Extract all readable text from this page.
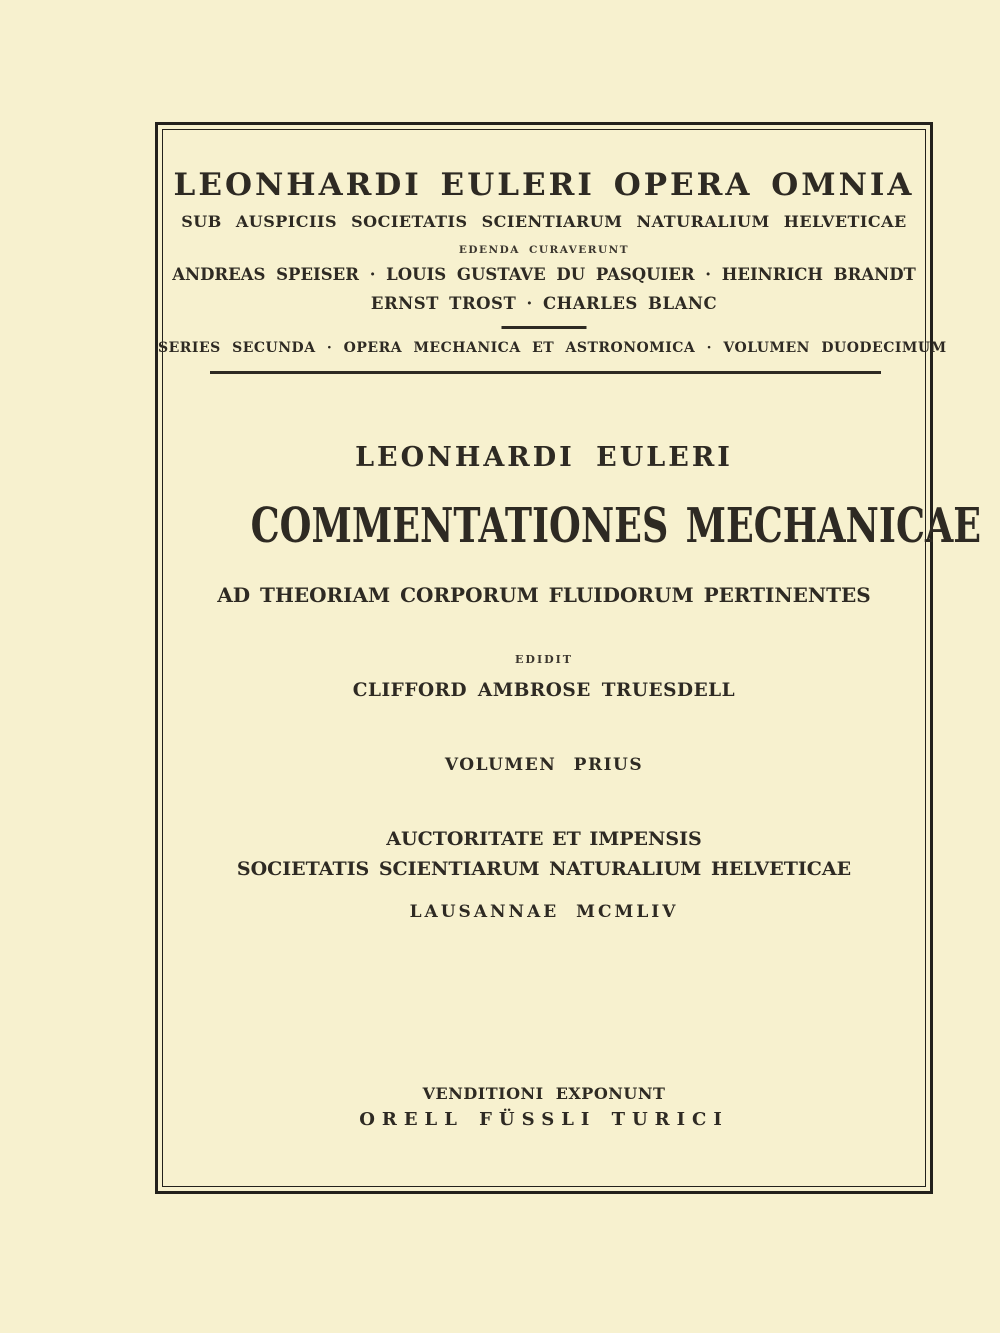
LEONHARDI EULERI OPERA OMNIA
SUB AUSPICIIS SOCIETATIS SCIENTIARUM NATURALIUM HELVETICAE
EDENDA CURAVERUNT
ANDREAS SPEISER · LOUIS GUSTAVE DU PASQUIER · HEINRICH BRANDT
ERNST TROST · CHARLES BLANC
SERIES SECUNDA · OPERA MECHANICA ET ASTRONOMICA · VOLUMEN DUODECIMUM
LEONHARDI EULERI
COMMENTATIONES MECHANICAE
AD THEORIAM CORPORUM FLUIDORUM PERTINENTES
EDIDIT
CLIFFORD AMBROSE TRUESDELL
VOLUMEN PRIUS
AUCTORITATE ET IMPENSIS
SOCIETATIS SCIENTIARUM NATURALIUM HELVETICAE
LAUSANNAE MCMLIV
VENDITIONI EXPONUNT
ORELL FÜSSLI TURICI
